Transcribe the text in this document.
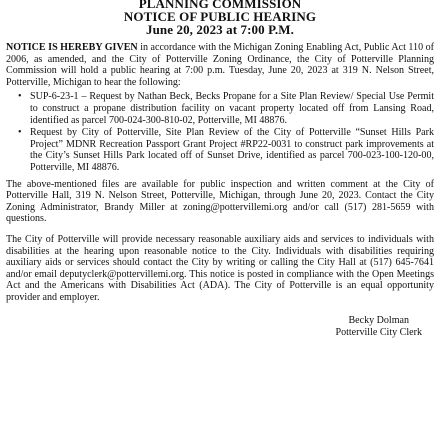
PLANNING COMMISSION
NOTICE OF PUBLIC HEARING
June 20, 2023 at 7:00 P.M.

NOTICE IS HEREBY GIVEN in accordance with the Michigan Zoning Enabling Act, Public Act 110 of 2006, as amended, and the City of Potterville Zoning Ordinance, the City of Potterville Planning Commission will hold a public hearing at 7:00 p.m. Tuesday, June 20, 2023 at 319 N. Nelson Street, Potterville, Michigan to hear the following:

• SUP-6-23-1 – Request by Nathan Beck, Becks Propane for a Site Plan Review/ Special Use Permit to construct a propane distribution facility on vacant property located off from Lansing Road, identified as parcel 700-024-300-810-02, Potterville, MI 48876.
• Request by City of Potterville, Site Plan Review of the City of Potterville “Sunset Hills Park Project” MDNR Recreation Passport Grant Project #RP22-0031 to construct park improvements at the City’s Sunset Hills Park located off of Sunset Drive, identified as parcel 700-023-100-120-00, Potterville, MI 48876.

The above-mentioned files are available for public inspection and written comment at the City of Potterville Hall, 319 N. Nelson Street, Potterville, Michigan, through June 20, 2023. Contact the City Zoning Administrator, Brandy Miller at zoning@pottervillemi.org and/or call (517) 281-5659 with questions.

The City of Potterville will provide necessary reasonable auxiliary aids and services to individuals with disabilities at the hearing upon reasonable notice to the City. Individuals with disabilities requiring auxiliary aids or services should contact the City by writing or calling the City Hall at (517) 645-7641 and/or email deputyclerk@pottervillemi.org. This notice is posted in compliance with the Open Meetings Act and the Americans with Disabilities Act (ADA). The City of Potterville is an equal opportunity provider and employer.

Becky Dolman
Potterville City Clerk
